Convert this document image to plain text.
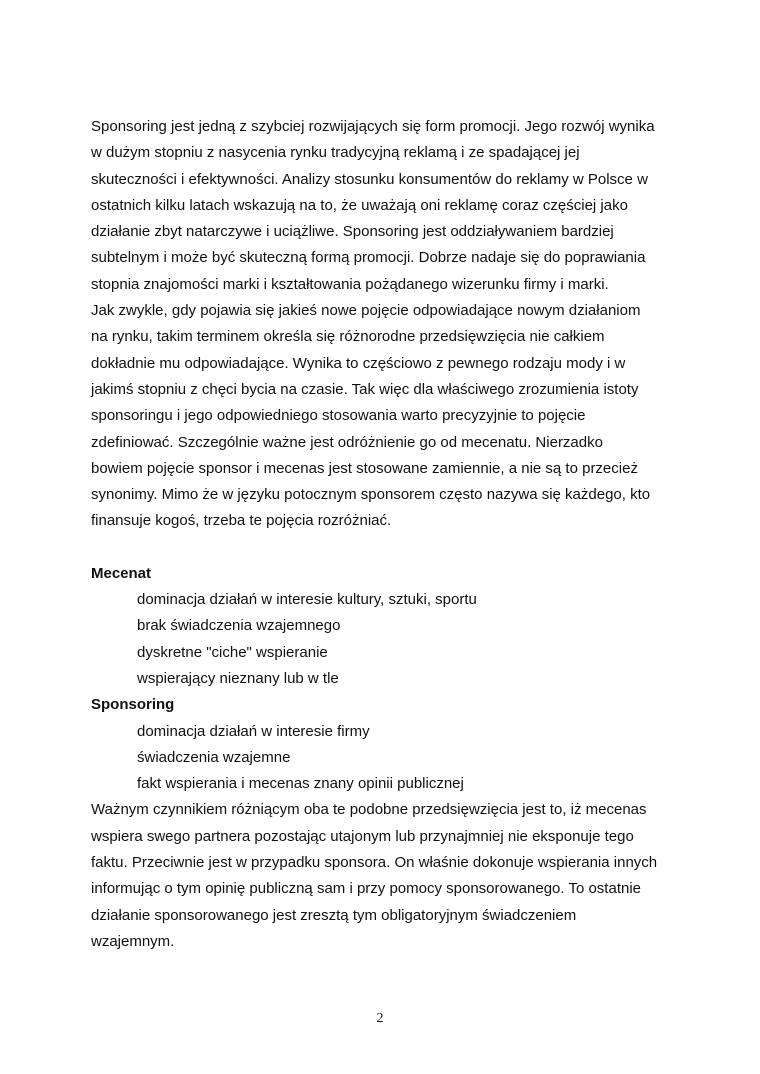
Sponsoring jest jedną z szybciej rozwijających się form promocji. Jego rozwój wynika
w dużym stopniu z nasycenia rynku tradycyjną reklamą i ze spadającej jej
skuteczności i efektywności. Analizy stosunku konsumentów do reklamy w Polsce w
ostatnich kilku latach wskazują na to, że uważają oni reklamę coraz częściej jako
działanie zbyt natarczywe i uciążliwe. Sponsoring jest oddziaływaniem bardziej
subtelnym i może być skuteczną formą promocji. Dobrze nadaje się do poprawiania
stopnia znajomości marki i kształtowania pożądanego wizerunku firmy i marki.
Jak zwykle, gdy pojawia się jakieś nowe pojęcie odpowiadające nowym działaniom
na rynku, takim terminem określa się różnorodne przedsięwzięcia nie całkiem
dokładnie mu odpowiadające. Wynika to częściowo z pewnego rodzaju mody i w
jakimś stopniu z chęci bycia na czasie. Tak więc dla właściwego zrozumienia istoty
sponsoringu i jego odpowiedniego stosowania warto precyzyjnie to pojęcie
zdefiniować. Szczególnie ważne jest odróżnienie go od mecenatu. Nierzadko
bowiem pojęcie sponsor i mecenas jest stosowane zamiennie, a nie są to przecież
synonimy. Mimo że w języku potocznym sponsorem często nazywa się każdego, kto
finansuje kogoś, trzeba te pojęcia rozróżniać.
Mecenat
dominacja działań w interesie kultury, sztuki, sportu
brak świadczenia wzajemnego
dyskretne "ciche" wspieranie
wspierający nieznany lub w tle
Sponsoring
dominacja działań w interesie firmy
świadczenia wzajemne
fakt wspierania i mecenas znany opinii publicznej
Ważnym czynnikiem różniącym oba te podobne przedsięwzięcia jest to, iż mecenas
wspiera swego partnera pozostając utajonym lub przynajmniej nie eksponuje tego
faktu. Przeciwnie jest w przypadku sponsora. On właśnie dokonuje wspierania innych
informując o tym opinię publiczną sam i przy pomocy sponsorowanego. To ostatnie
działanie sponsorowanego jest zresztą tym obligatoryjnym świadczeniem
wzajemnym.
2
